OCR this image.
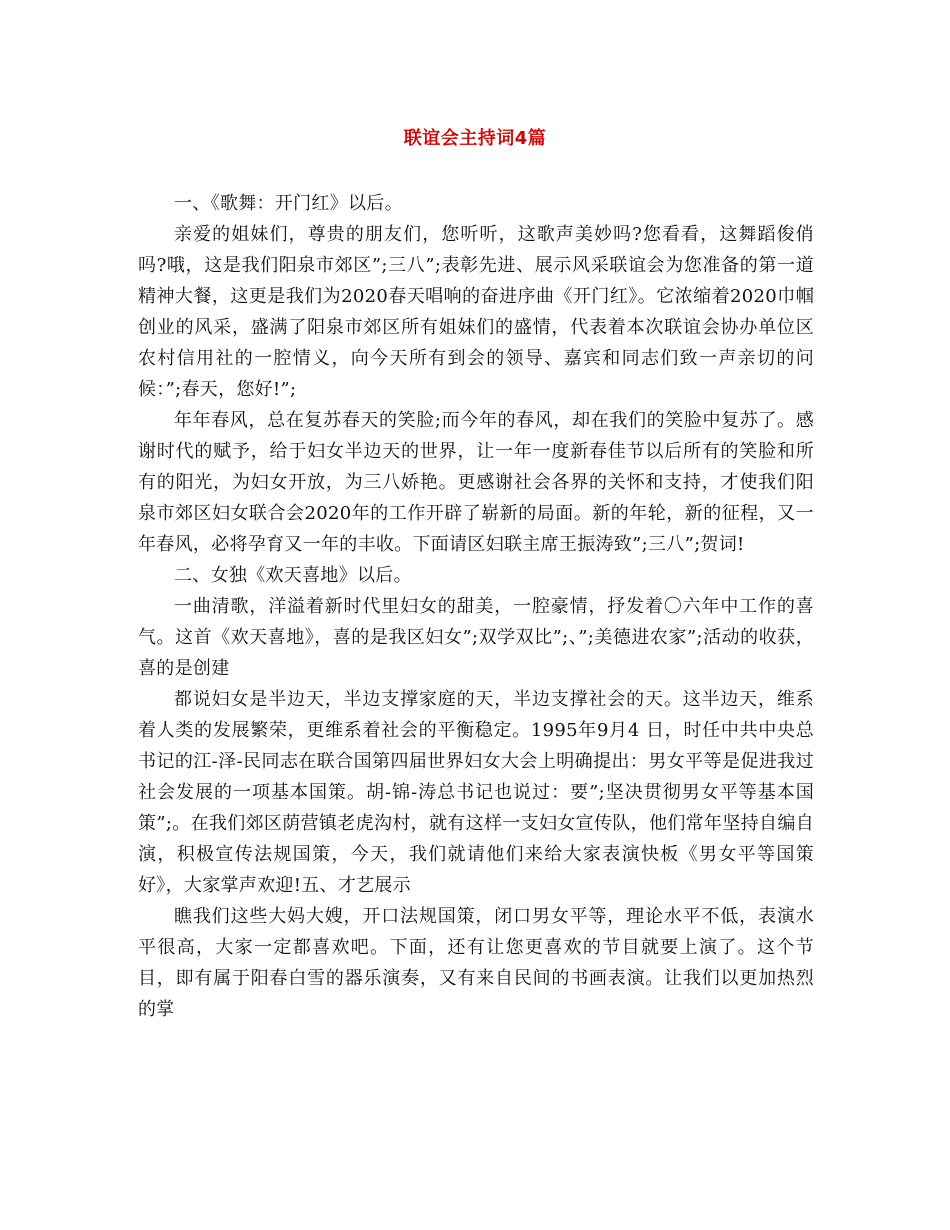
联谊会主持词4篇

一、《歌舞：开门红》以后。

亲爱的姐妹们，尊贵的朋友们，您听听，这歌声美妙吗?您看看，这舞蹈俊俏吗?哦，这是我们阳泉市郊区”;三八”;表彰先进、展示风采联谊会为您准备的第一道精神大餐，这更是我们为2020春天唱响的奋进序曲《开门红》。它浓缩着2020巾帼创业的风采，盛满了阳泉市郊区所有姐妹们的盛情，代表着本次联谊会协办单位区农村信用社的一腔情义，向今天所有到会的领导、嘉宾和同志们致一声亲切的问候：”;春天，您好!”;

年年春风，总在复苏春天的笑脸;而今年的春风，却在我们的笑脸中复苏了。感谢时代的赋予，给于妇女半边天的世界，让一年一度新春佳节以后所有的笑脸和所有的阳光，为妇女开放，为三八娇艳。更感谢社会各界的关怀和支持，才使我们阳泉市郊区妇女联合会2020年的工作开辟了崭新的局面。新的年轮，新的征程，又一年春风，必将孕育又一年的丰收。下面请区妇联主席王振涛致”;三八”;贺词!

二、女独《欢天喜地》以后。

一曲清歌，洋溢着新时代里妇女的甜美，一腔豪情，抒发着〇六年中工作的喜气。这首《欢天喜地》，喜的是我区妇女”;双学双比”;、”;美德进农家”;活动的收获，喜的是创建

都说妇女是半边天，半边支撑家庭的天，半边支撑社会的天。这半边天，维系着人类的发展繁荣，更维系着社会的平衡稳定。1995年9月4 日，时任中共中央总书记的江-泽-民同志在联合国第四届世界妇女大会上明确提出：男女平等是促进我过社会发展的一项基本国策。胡-锦-涛总书记也说过：要”;坚决贯彻男女平等基本国策”;。在我们郊区荫营镇老虎沟村，就有这样一支妇女宣传队，他们常年坚持自编自演，积极宣传法规国策，今天，我们就请他们来给大家表演快板《男女平等国策好》，大家掌声欢迎!五、才艺展示

瞧我们这些大妈大嫂，开口法规国策，闭口男女平等，理论水平不低，表演水平很高，大家一定都喜欢吧。下面，还有让您更喜欢的节目就要上演了。这个节目，即有属于阳春白雪的器乐演奏，又有来自民间的书画表演。让我们以更加热烈的掌
